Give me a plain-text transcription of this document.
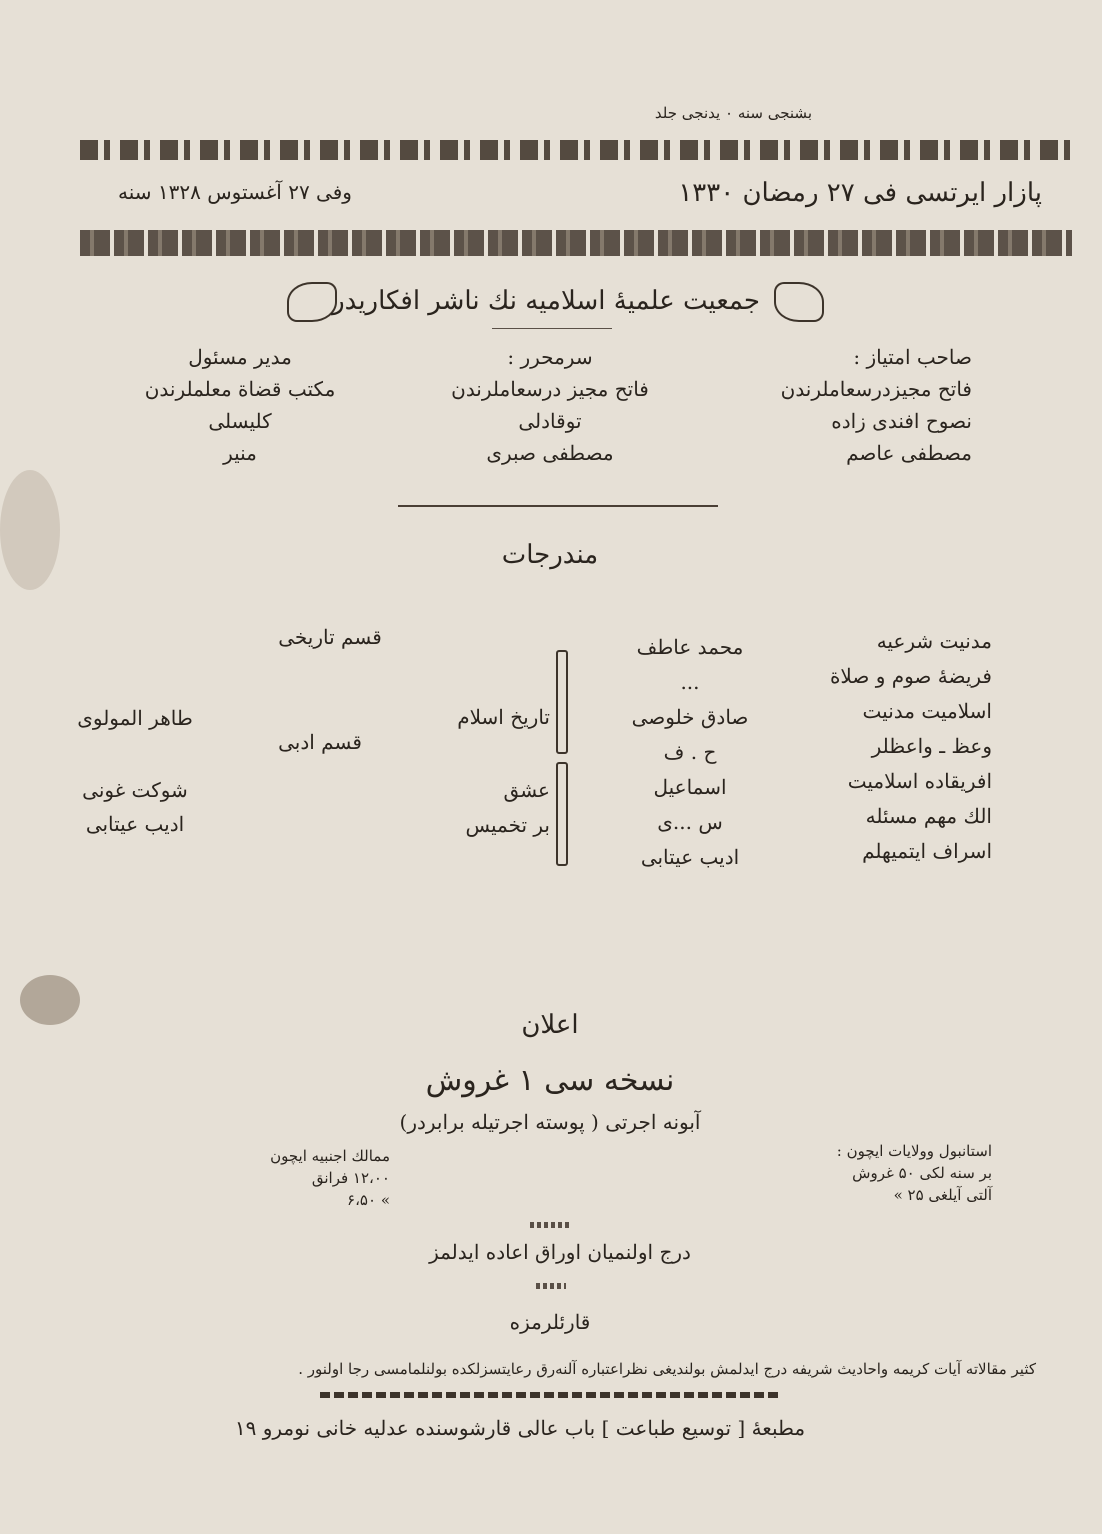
بشنجی سنه ۰ یدنجی جلد
پازار ایرتسی فی ۲۷ رمضان ۱۳۳۰
وفی ۲۷ آغستوس ۱۳۲۸ سنه
جمعیت علمیهٔ اسلامیه نك ناشر افكاریدر
صاحب امتیاز :
فاتح مجیزدرسعاملرندن
نصوح افندی زاده
مصطفی عاصم
سرمحرر :
فاتح مجیز درسعاملرندن
توقادلی
مصطفی صبری
مدیر مسئول
مکتب قضاة معلملرندن
کلیسلی
منیر
مندرجات
مدنیت شرعیه
فریضهٔ صوم و صلاة
اسلامیت مدنیت
وعظ ـ واعظلر
افریقاده اسلامیت
الك مهم مسئله
اسراف ایتمیهلم
محمد عاطف
...
صادق خلوصی
ح . ف
اسماعیل
س ...ی
ادیب عیتابی
قسم تاریخی
قسم ادبی
تاریخ اسلام
عشق
بر تخمیس
طاهر المولوی
شوکت غونی
ادیب عیتابی
اعلان
نسخه سی ۱ غروش
آبونه اجرتی ( پوسته اجرتیله برابردر)
استانبول وولایات ایچون :
بر سنه لکی ۵۰ غروش
آلتی آیلغی ۲۵ »
ممالك اجنبیه ایچون
۱۲،۰۰ فرانق
» ۶،۵۰
درج اولنمیان اوراق اعاده ایدلمز
قارئلرمزه
کثیر مقالاته آیات کریمه واحادیث شریفه درج ایدلمش بولندیغی نظراعتباره آلنه‌رق رعایتسزلکده بولنلمامسی رجا اولنور .
مطبعهٔ [ توسیع طباعت ] باب عالی قارشوسنده عدلیه خانی نومرو ۱۹
